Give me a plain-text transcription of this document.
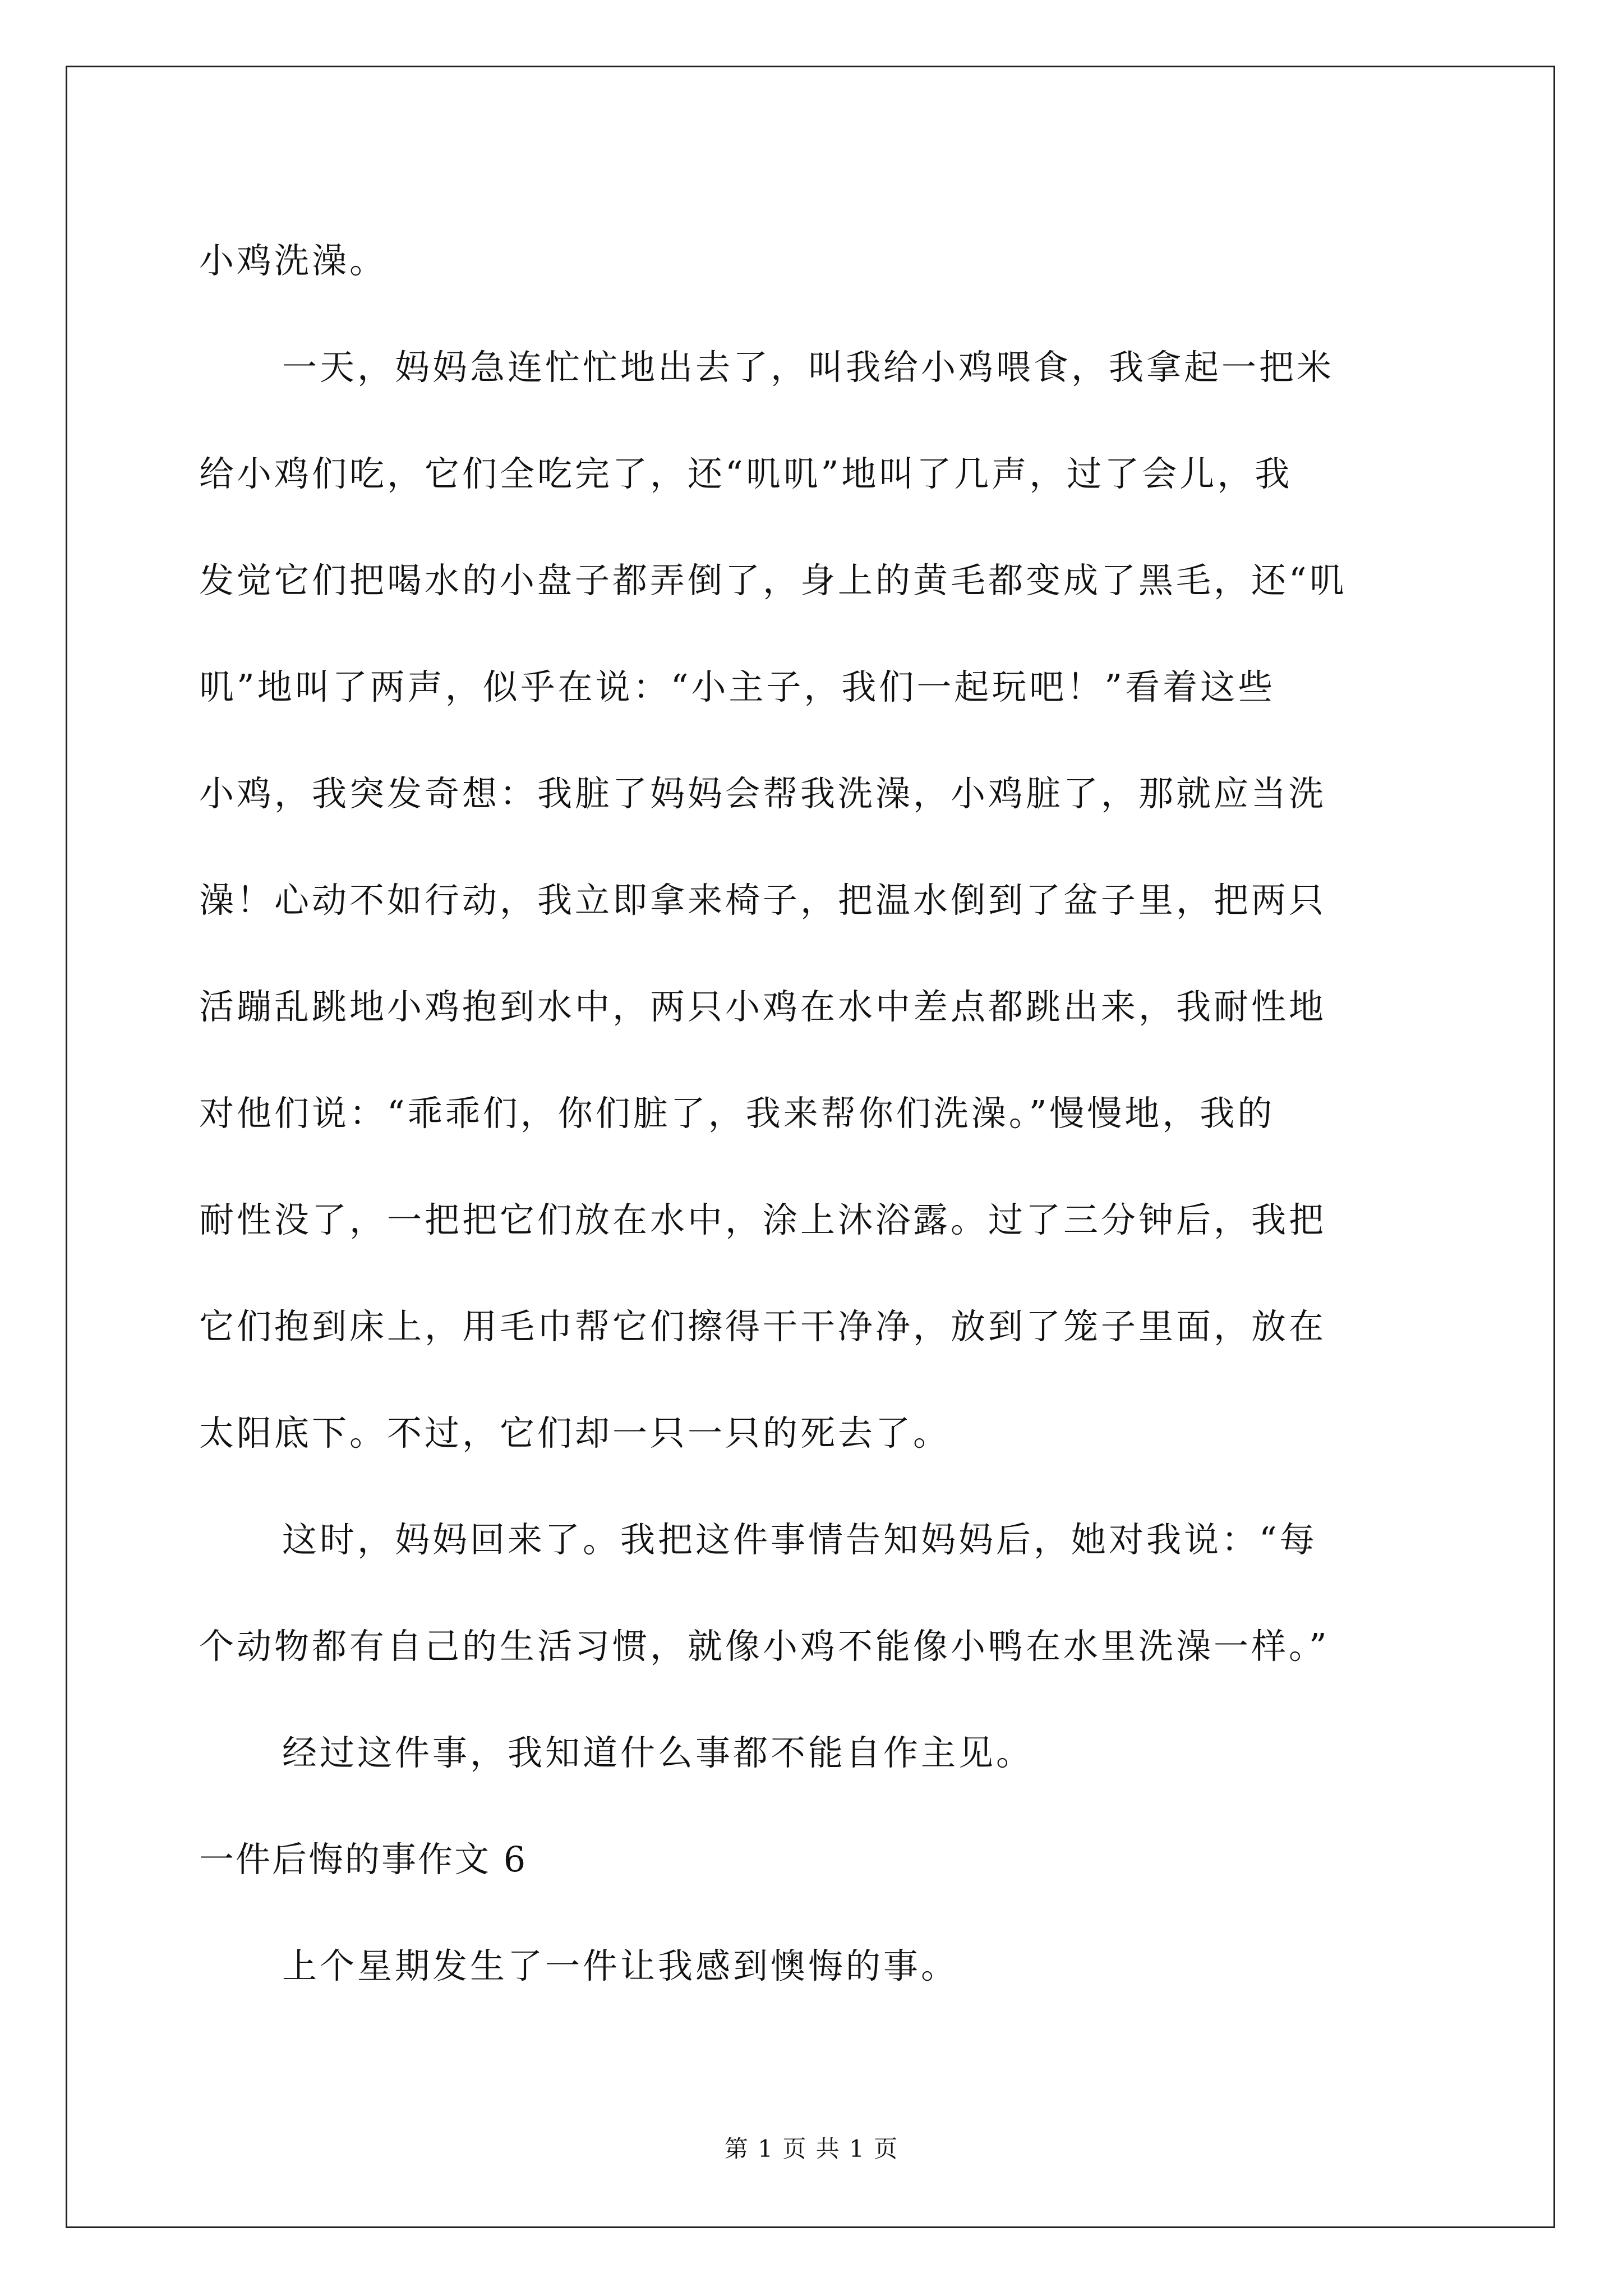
小鸡洗澡。
一天，妈妈急连忙忙地出去了，叫我给小鸡喂食，我拿起一把米
给小鸡们吃，它们全吃完了，还“叽叽”地叫了几声，过了会儿，我
发觉它们把喝水的小盘子都弄倒了，身上的黄毛都变成了黑毛，还“叽
叽”地叫了两声，似乎在说：“小主子，我们一起玩吧！”看着这些
小鸡，我突发奇想：我脏了妈妈会帮我洗澡，小鸡脏了，那就应当洗
澡！心动不如行动，我立即拿来椅子，把温水倒到了盆子里，把两只
活蹦乱跳地小鸡抱到水中，两只小鸡在水中差点都跳出来，我耐性地
对他们说：“乖乖们，你们脏了，我来帮你们洗澡。”慢慢地，我的
耐性没了，一把把它们放在水中，涂上沐浴露。过了三分钟后，我把
它们抱到床上，用毛巾帮它们擦得干干净净，放到了笼子里面，放在
太阳底下。不过，它们却一只一只的死去了。
这时，妈妈回来了。我把这件事情告知妈妈后，她对我说：“每
个动物都有自己的生活习惯，就像小鸡不能像小鸭在水里洗澡一样。”
经过这件事，我知道什么事都不能自作主见。
一件后悔的事作文 6
上个星期发生了一件让我感到懊悔的事。
第 1 页 共 1 页
